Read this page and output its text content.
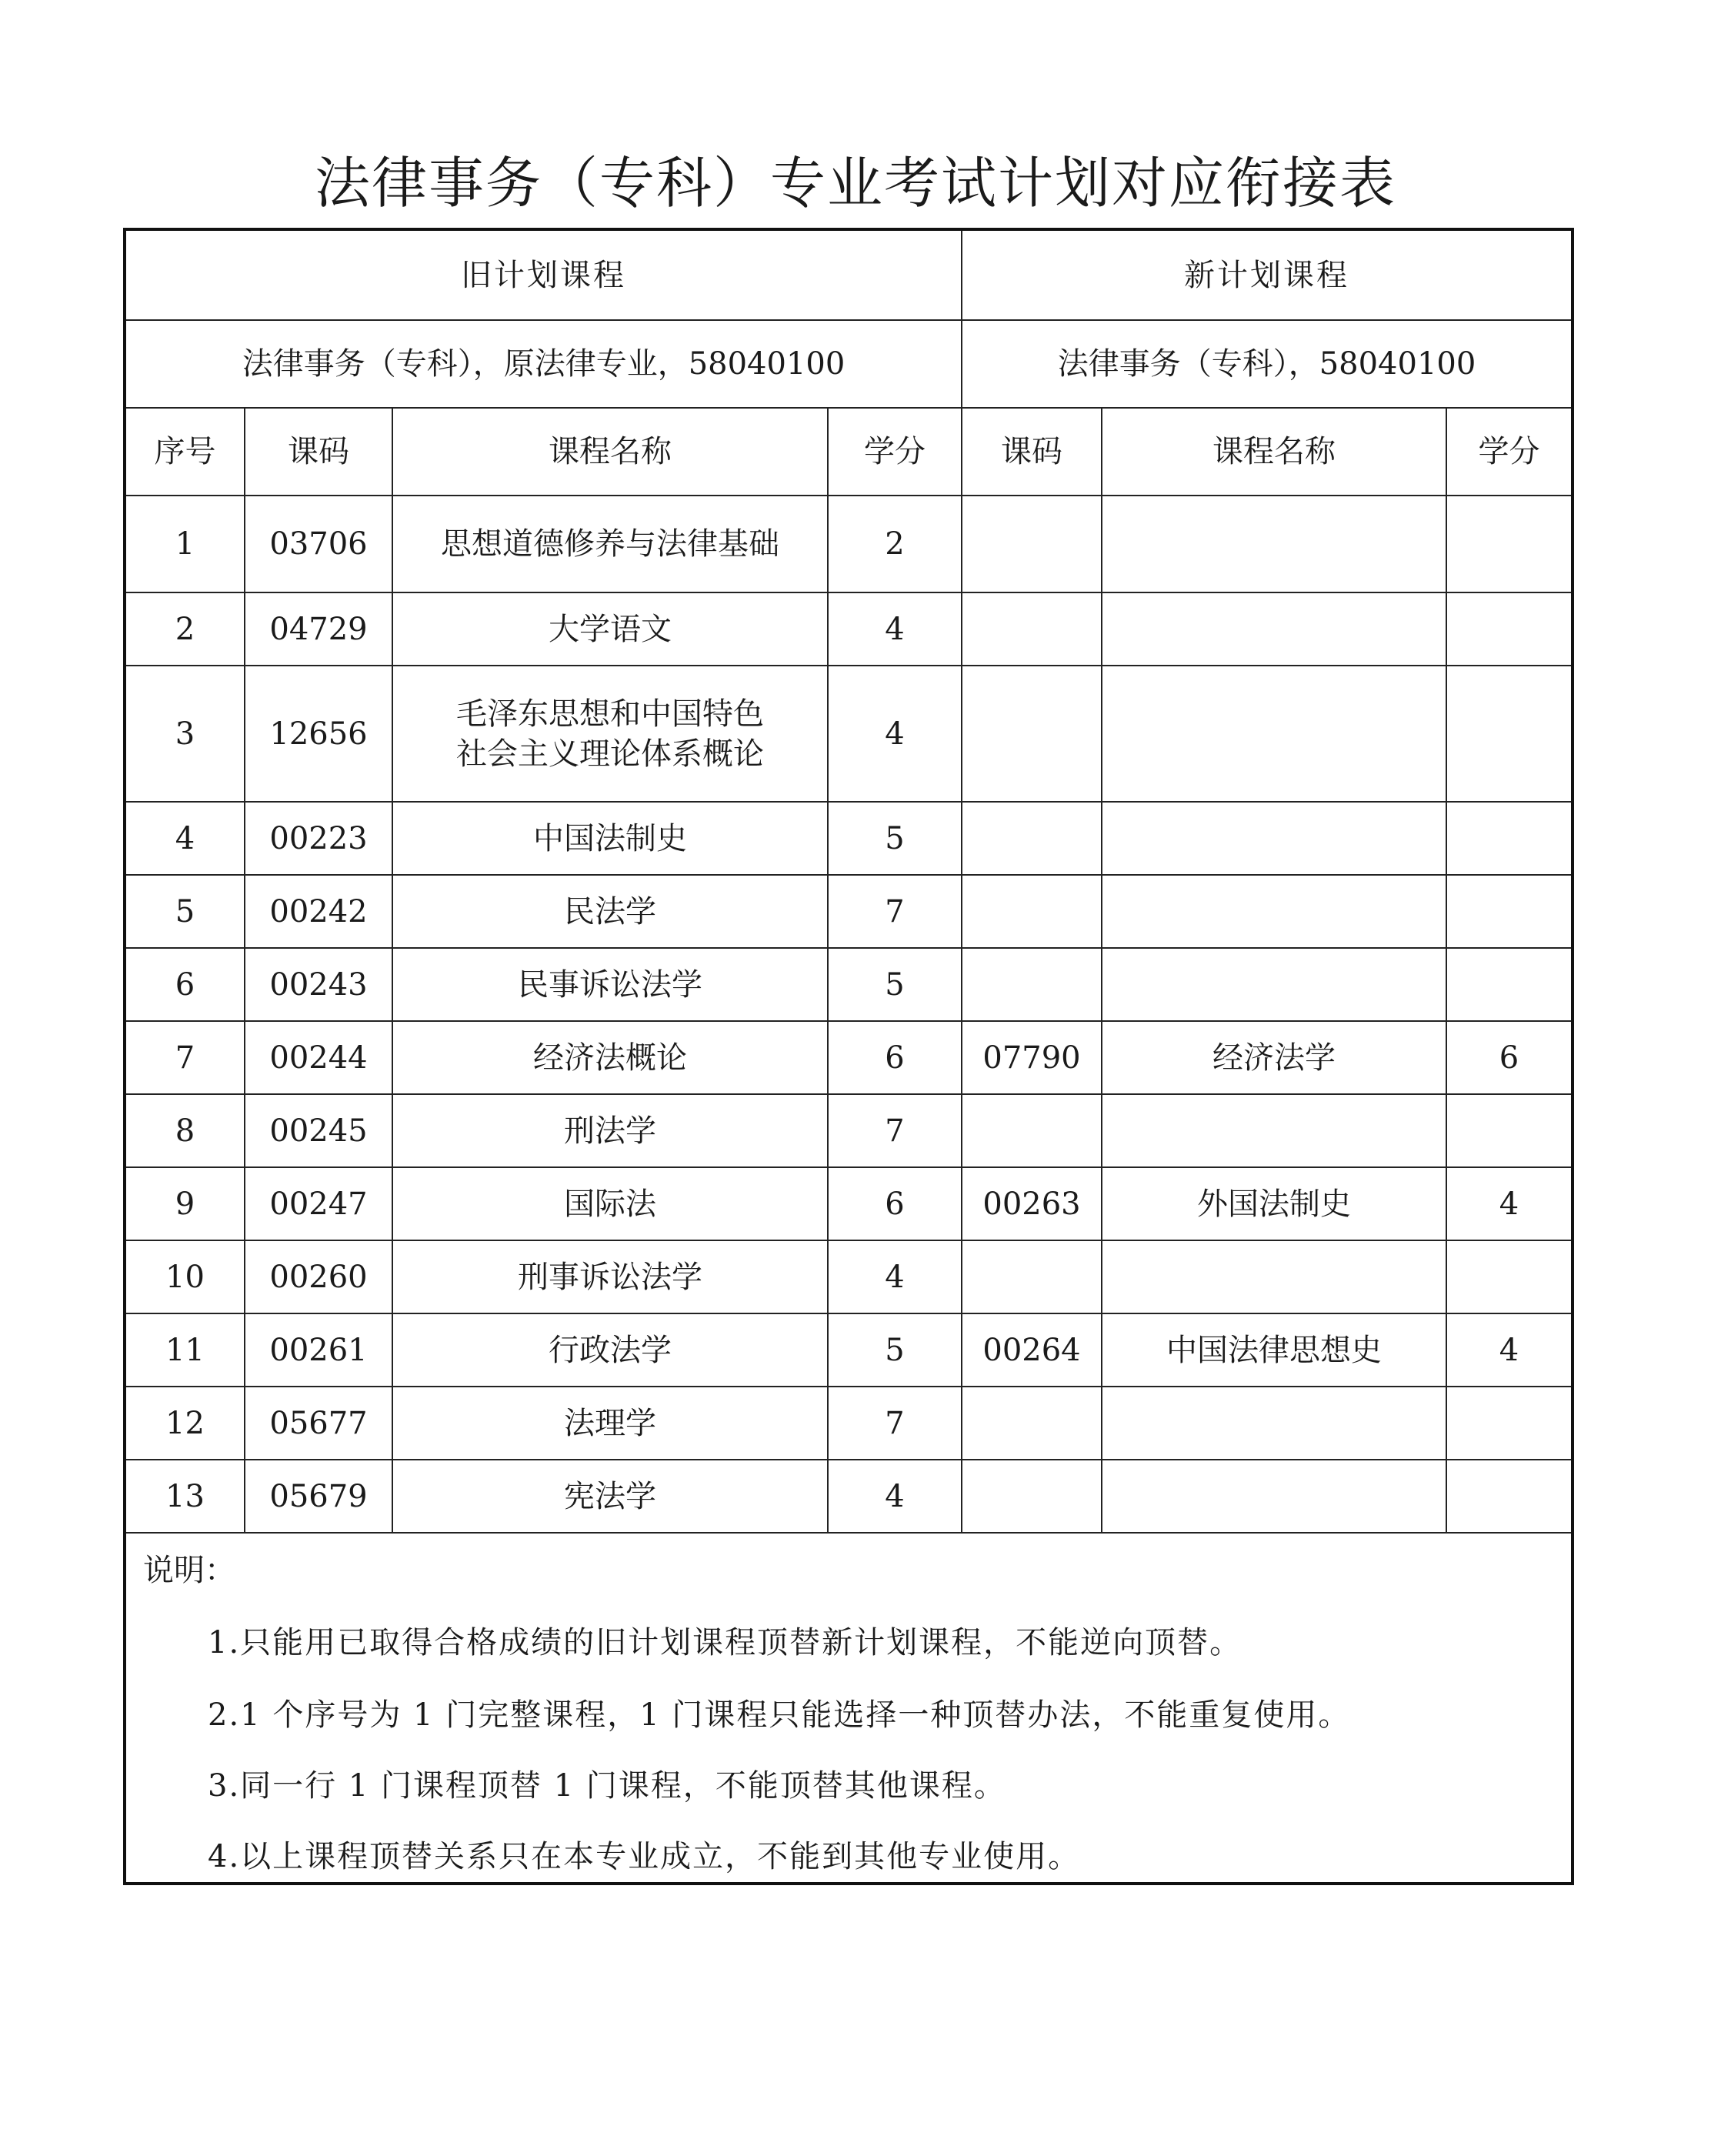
法律事务（专科）专业考试计划对应衔接表
旧计划课程				新计划课程		
法律事务（专科），原法律专业，58040100				法律事务（专科），58040100		
序号	课码	课程名称	学分	课码	课程名称	学分
1	03706	思想道德修养与法律基础	2			
2	04729	大学语文	4			
3	12656	毛泽东思想和中国特色
社会主义理论体系概论	4			
4	00223	中国法制史	5			
5	00242	民法学	7			
6	00243	民事诉讼法学	5			
7	00244	经济法概论	6	07790	经济法学	6
8	00245	刑法学	7			
9	00247	国际法	6	00263	外国法制史	4
10	00260	刑事诉讼法学	4			
11	00261	行政法学	5	00264	中国法律思想史	4
12	05677	法理学	7			
13	05679	宪法学	4			
说明：
1.只能用已取得合格成绩的旧计划课程顶替新计划课程，不能逆向顶替。
2.1 个序号为 1 门完整课程，1 门课程只能选择一种顶替办法，不能重复使用。
3.同一行 1 门课程顶替 1 门课程，不能顶替其他课程。
4.以上课程顶替关系只在本专业成立，不能到其他专业使用。
